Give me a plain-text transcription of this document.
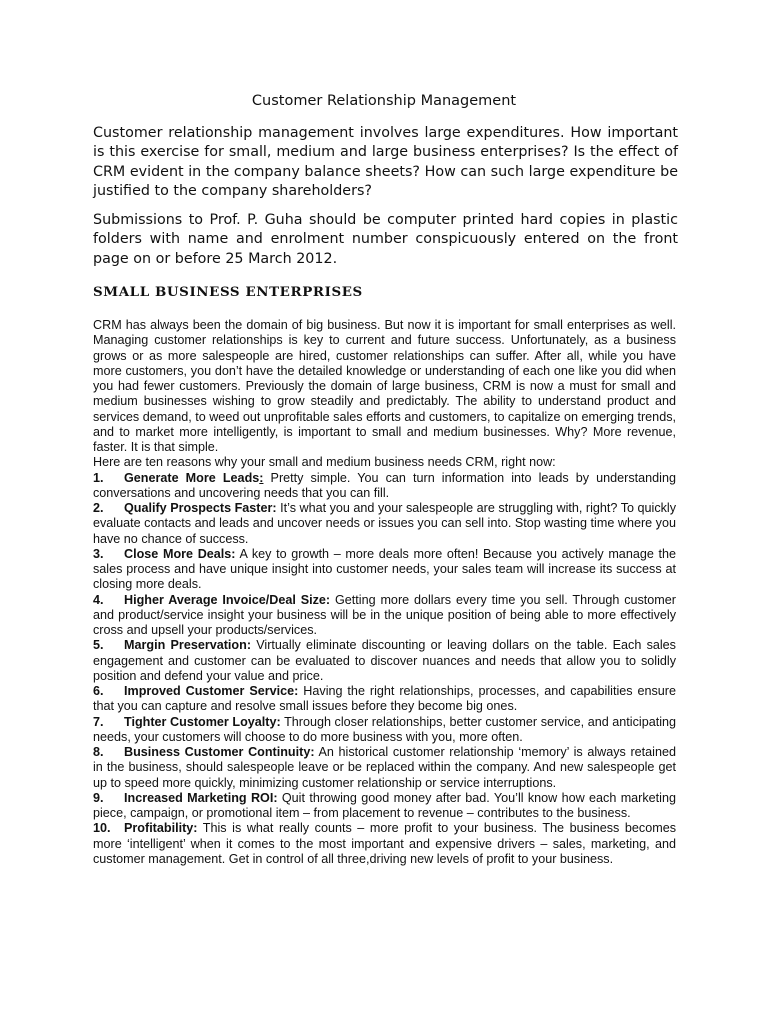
Customer Relationship Management

Customer relationship management involves large expenditures. How important is this exercise for small, medium and large business enterprises? Is the effect of CRM evident in the company balance sheets? How can such large expenditure be justified to the company shareholders?

Submissions to Prof. P. Guha should be computer printed hard copies in plastic folders with name and enrolment number conspicuously entered on the front page on or before 25 March 2012.

SMALL BUSINESS ENTERPRISES

CRM has always been the domain of big business. But now it is important for small enterprises as well. Managing customer relationships is key to current and future success. Unfortunately, as a business grows or as more salespeople are hired, customer relationships can suffer. After all, while you have more customers, you don’t have the detailed knowledge or understanding of each one like you did when you had fewer customers. Previously the domain of large business, CRM is now a must for small and medium businesses wishing to grow steadily and predictably. The ability to understand product and services demand, to weed out unprofitable sales efforts and customers, to capitalize on emerging trends, and to market more intelligently, is important to small and medium businesses. Why? More revenue, faster. It is that simple.

Here are ten reasons why your small and medium business needs CRM, right now:

1. Generate More Leads: Pretty simple. You can turn information into leads by understanding conversations and uncovering needs that you can fill.

2. Qualify Prospects Faster: It’s what you and your salespeople are struggling with, right? To quickly evaluate contacts and leads and uncover needs or issues you can sell into. Stop wasting time where you have no chance of success.

3. Close More Deals: A key to growth – more deals more often! Because you actively manage the sales process and have unique insight into customer needs, your sales team will increase its success at closing more deals.

4. Higher Average Invoice/Deal Size: Getting more dollars every time you sell. Through customer and product/service insight your business will be in the unique position of being able to more effectively cross and upsell your products/services.

5. Margin Preservation: Virtually eliminate discounting or leaving dollars on the table. Each sales engagement and customer can be evaluated to discover nuances and needs that allow you to solidly position and defend your value and price.

6. Improved Customer Service: Having the right relationships, processes, and capabilities ensure that you can capture and resolve small issues before they become big ones.

7. Tighter Customer Loyalty: Through closer relationships, better customer service, and anticipating needs, your customers will choose to do more business with you, more often.

8. Business Customer Continuity: An historical customer relationship ‘memory’ is always retained in the business, should salespeople leave or be replaced within the company. And new salespeople get up to speed more quickly, minimizing customer relationship or service interruptions.

9. Increased Marketing ROI: Quit throwing good money after bad. You’ll know how each marketing piece, campaign, or promotional item – from placement to revenue – contributes to the business.

10. Profitability: This is what really counts – more profit to your business. The business becomes more ‘intelligent’ when it comes to the most important and expensive drivers – sales, marketing, and customer management. Get in control of all three,driving new levels of profit to your business.
